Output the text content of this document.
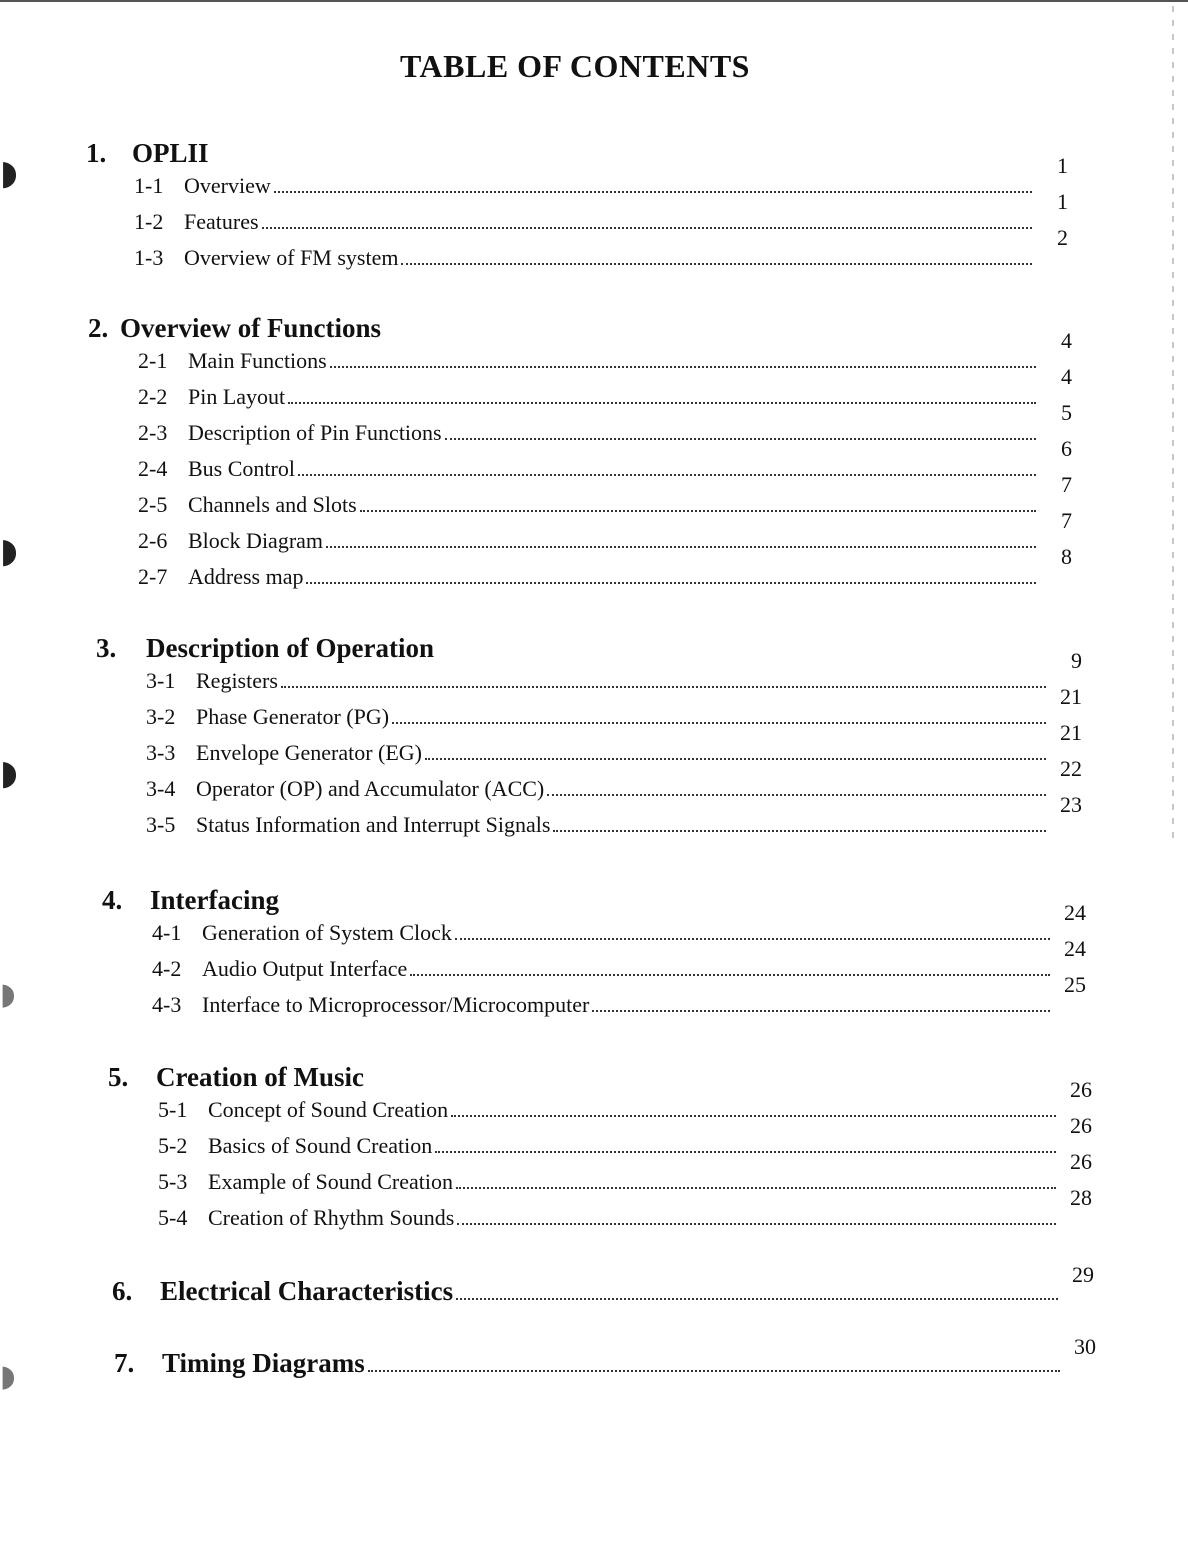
◗
◗
◗
◗
◗
TABLE OF CONTENTS
1. OPLII
1-1 Overview
1
1-2 Features
1
1-3 Overview of FM system
2
2. Overview of Functions
2-1 Main Functions
4
2-2 Pin Layout
4
2-3 Description of Pin Functions
5
2-4 Bus Control
6
2-5 Channels and Slots
7
2-6 Block Diagram
7
2-7 Address map
8
3. Description of Operation
3-1 Registers
9
3-2 Phase Generator (PG)
21
3-3 Envelope Generator (EG)
21
3-4 Operator (OP) and Accumulator (ACC)
22
3-5 Status Information and Interrupt Signals
23
4. Interfacing
4-1 Generation of System Clock
24
4-2 Audio Output Interface
24
4-3 Interface to Microprocessor/Microcomputer
25
5. Creation of Music
5-1 Concept of Sound Creation
26
5-2 Basics of Sound Creation
26
5-3 Example of Sound Creation
26
5-4 Creation of Rhythm Sounds
28
6.	Electrical Characteristics
29
7.	Timing Diagrams
30
